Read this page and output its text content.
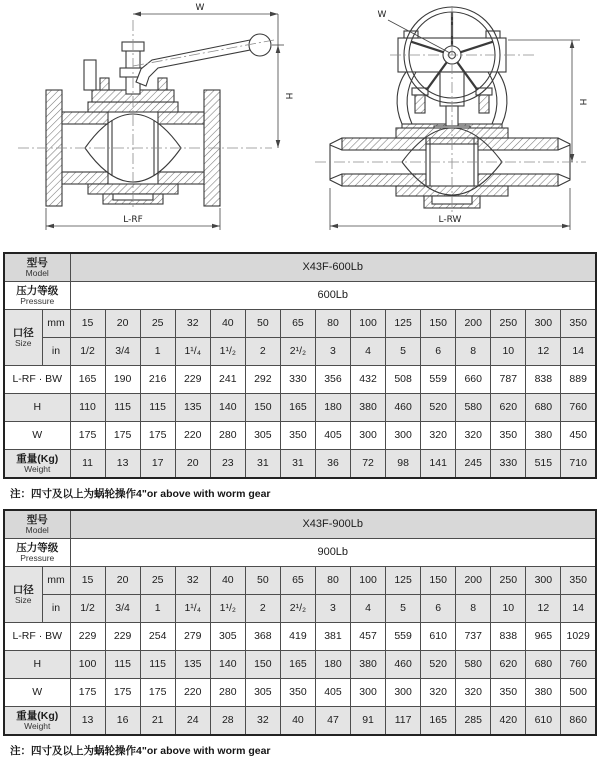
W
H
L-RF
W
H
L-RW
型号
Model		X43F-600Lb														

压力等级
Pressure		600Lb														

口径
Size	mm	15	20	25	32	40	50	65	80	100	125	150	200	250	300	350
	in	1/2	3/4	1	1¹/₄	1¹/₂	2	2¹/₂	3	4	5	6	8	10	12	14
L-RF · BW		165	190	216	229	241	292	330	356	432	508	559	660	787	838	889
H		110	115	115	135	140	150	165	180	380	460	520	580	620	680	760
W		175	175	175	220	280	305	350	405	300	300	320	320	350	380	450

重量(Kg)
Weight		11	13	17	20	23	31	31	36	72	98	141	245	330	515	710
注：四寸及以上为蜗轮操作4"or above with worm gear
型号
Model		X43F-900Lb														

压力等级
Pressure		900Lb														

口径
Size	mm	15	20	25	32	40	50	65	80	100	125	150	200	250	300	350
	in	1/2	3/4	1	1¹/₄	1¹/₂	2	2¹/₂	3	4	5	6	8	10	12	14
L-RF · BW		229	229	254	279	305	368	419	381	457	559	610	737	838	965	1029
H		100	115	115	135	140	150	165	180	380	460	520	580	620	680	760
W		175	175	175	220	280	305	350	405	300	300	320	320	350	380	500

重量(Kg)
Weight		13	16	21	24	28	32	40	47	91	117	165	285	420	610	860
注：四寸及以上为蜗轮操作4"or above with worm gear
